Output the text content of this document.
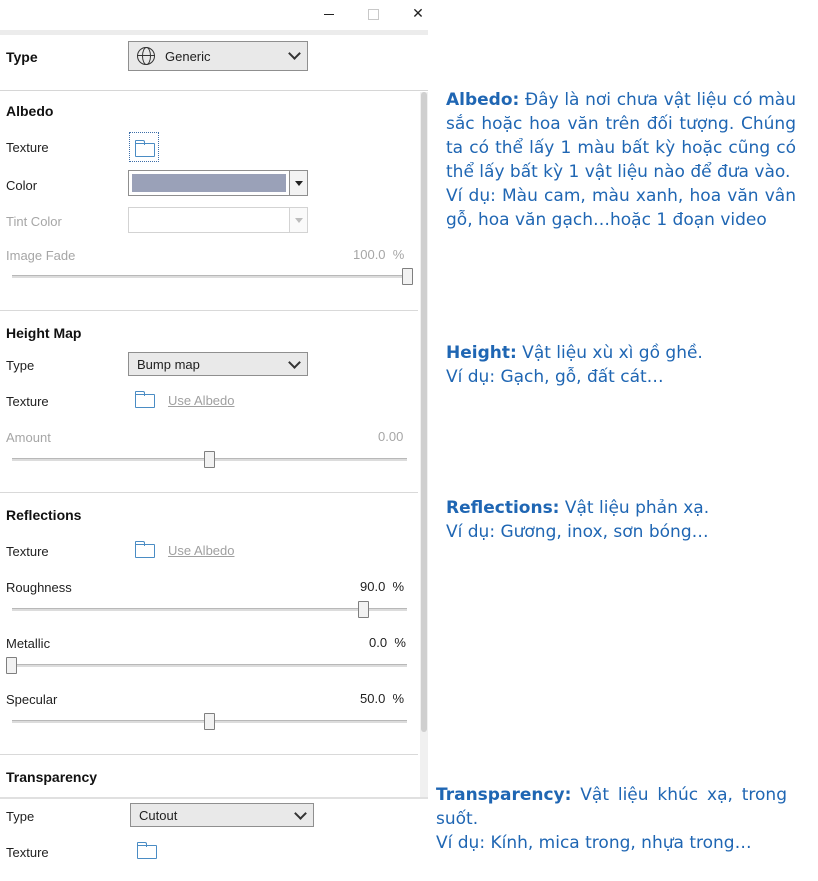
✕
Type	Generic
Albedo
Texture
Color
Tint Color
Image Fade	100.0 %
Height Map
Type	Bump map
Texture	Use Albedo
Amount	0.00
Reflections
Texture	Use Albedo
Roughness	90.0 %
Metallic	0.0 %
Specular	50.0 %
Transparency
Type	Cutout
Texture

Albedo: Đây là nơi chưa vật liệu có màu sắc hoặc hoa văn trên đối tượng. Chúng ta có thể lấy 1 màu bất kỳ hoặc cũng có thể lấy bất kỳ 1 vật liệu nào để đưa vào.

Ví dụ: Màu cam, màu xanh, hoa văn vân gỗ, hoa văn gạch…hoặc 1 đoạn video

Height: Vật liệu xù xì gồ ghề.

Ví dụ: Gạch, gỗ, đất cát…

Reflections: Vật liệu phản xạ.

Ví dụ: Gương, inox, sơn bóng…

Transparency: Vật liệu khúc xạ, trong suốt.

Ví dụ: Kính, mica trong, nhựa trong…
